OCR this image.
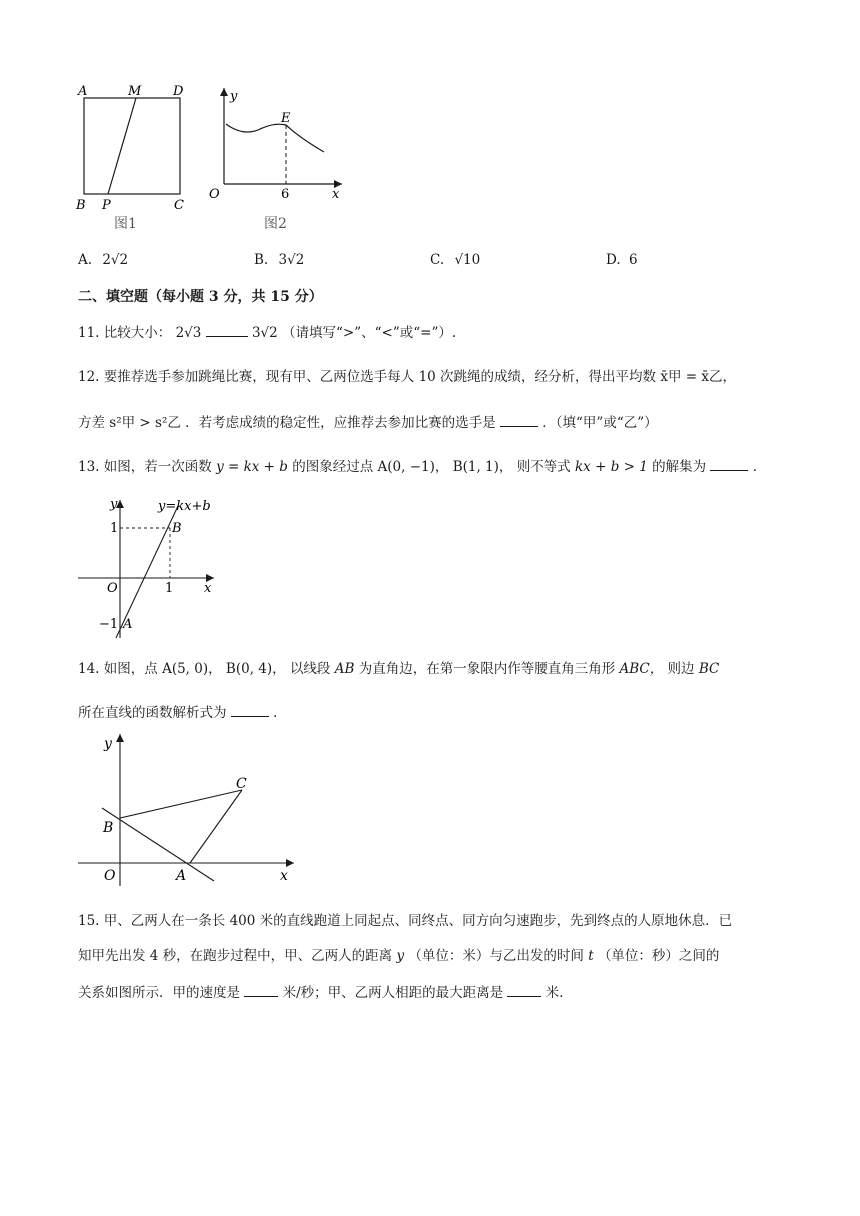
A	M D
B P	C
图1
y
x
O
E
6
图2
A. 2√2	B. 3√2	C. √10	D. 6
二、填空题（每小题 3 分，共 15 分）
11. 比较大小： 2√3	3√2 （请填写“>”、“<”或“=”）.
12. 要推荐选手参加跳绳比赛，现有甲、乙两位选手每人 10 次跳绳的成绩，经分析，得出平均数 x̄甲 = x̄乙，
方差 s²甲 > s²乙 ．若考虑成绩的稳定性，应推荐去参加比赛的选手是	．（填“甲”或“乙”）
13. 如图，若一次函数 y = kx + b 的图象经过点 A(0, −1)， B(1, 1)， 则不等式 kx + b > 1 的解集为	．
y
x
y=kx+b
1	B
O	1
−1 A
14. 如图，点 A(5, 0)， B(0, 4)， 以线段 AB 为直角边，在第一象限内作等腰直角三角形 ABC， 则边 BC
所在直线的函数解析式为	．
y
x
O	A
B
C
15. 甲、乙两人在一条长 400 米的直线跑道上同起点、同终点、同方向匀速跑步，先到终点的人原地休息．已
知甲先出发 4 秒，在跑步过程中，甲、乙两人的距离 y （单位：米）与乙出发的时间 t （单位：秒）之间的
关系如图所示．甲的速度是	米/秒；甲、乙两人相距的最大距离是	米．
